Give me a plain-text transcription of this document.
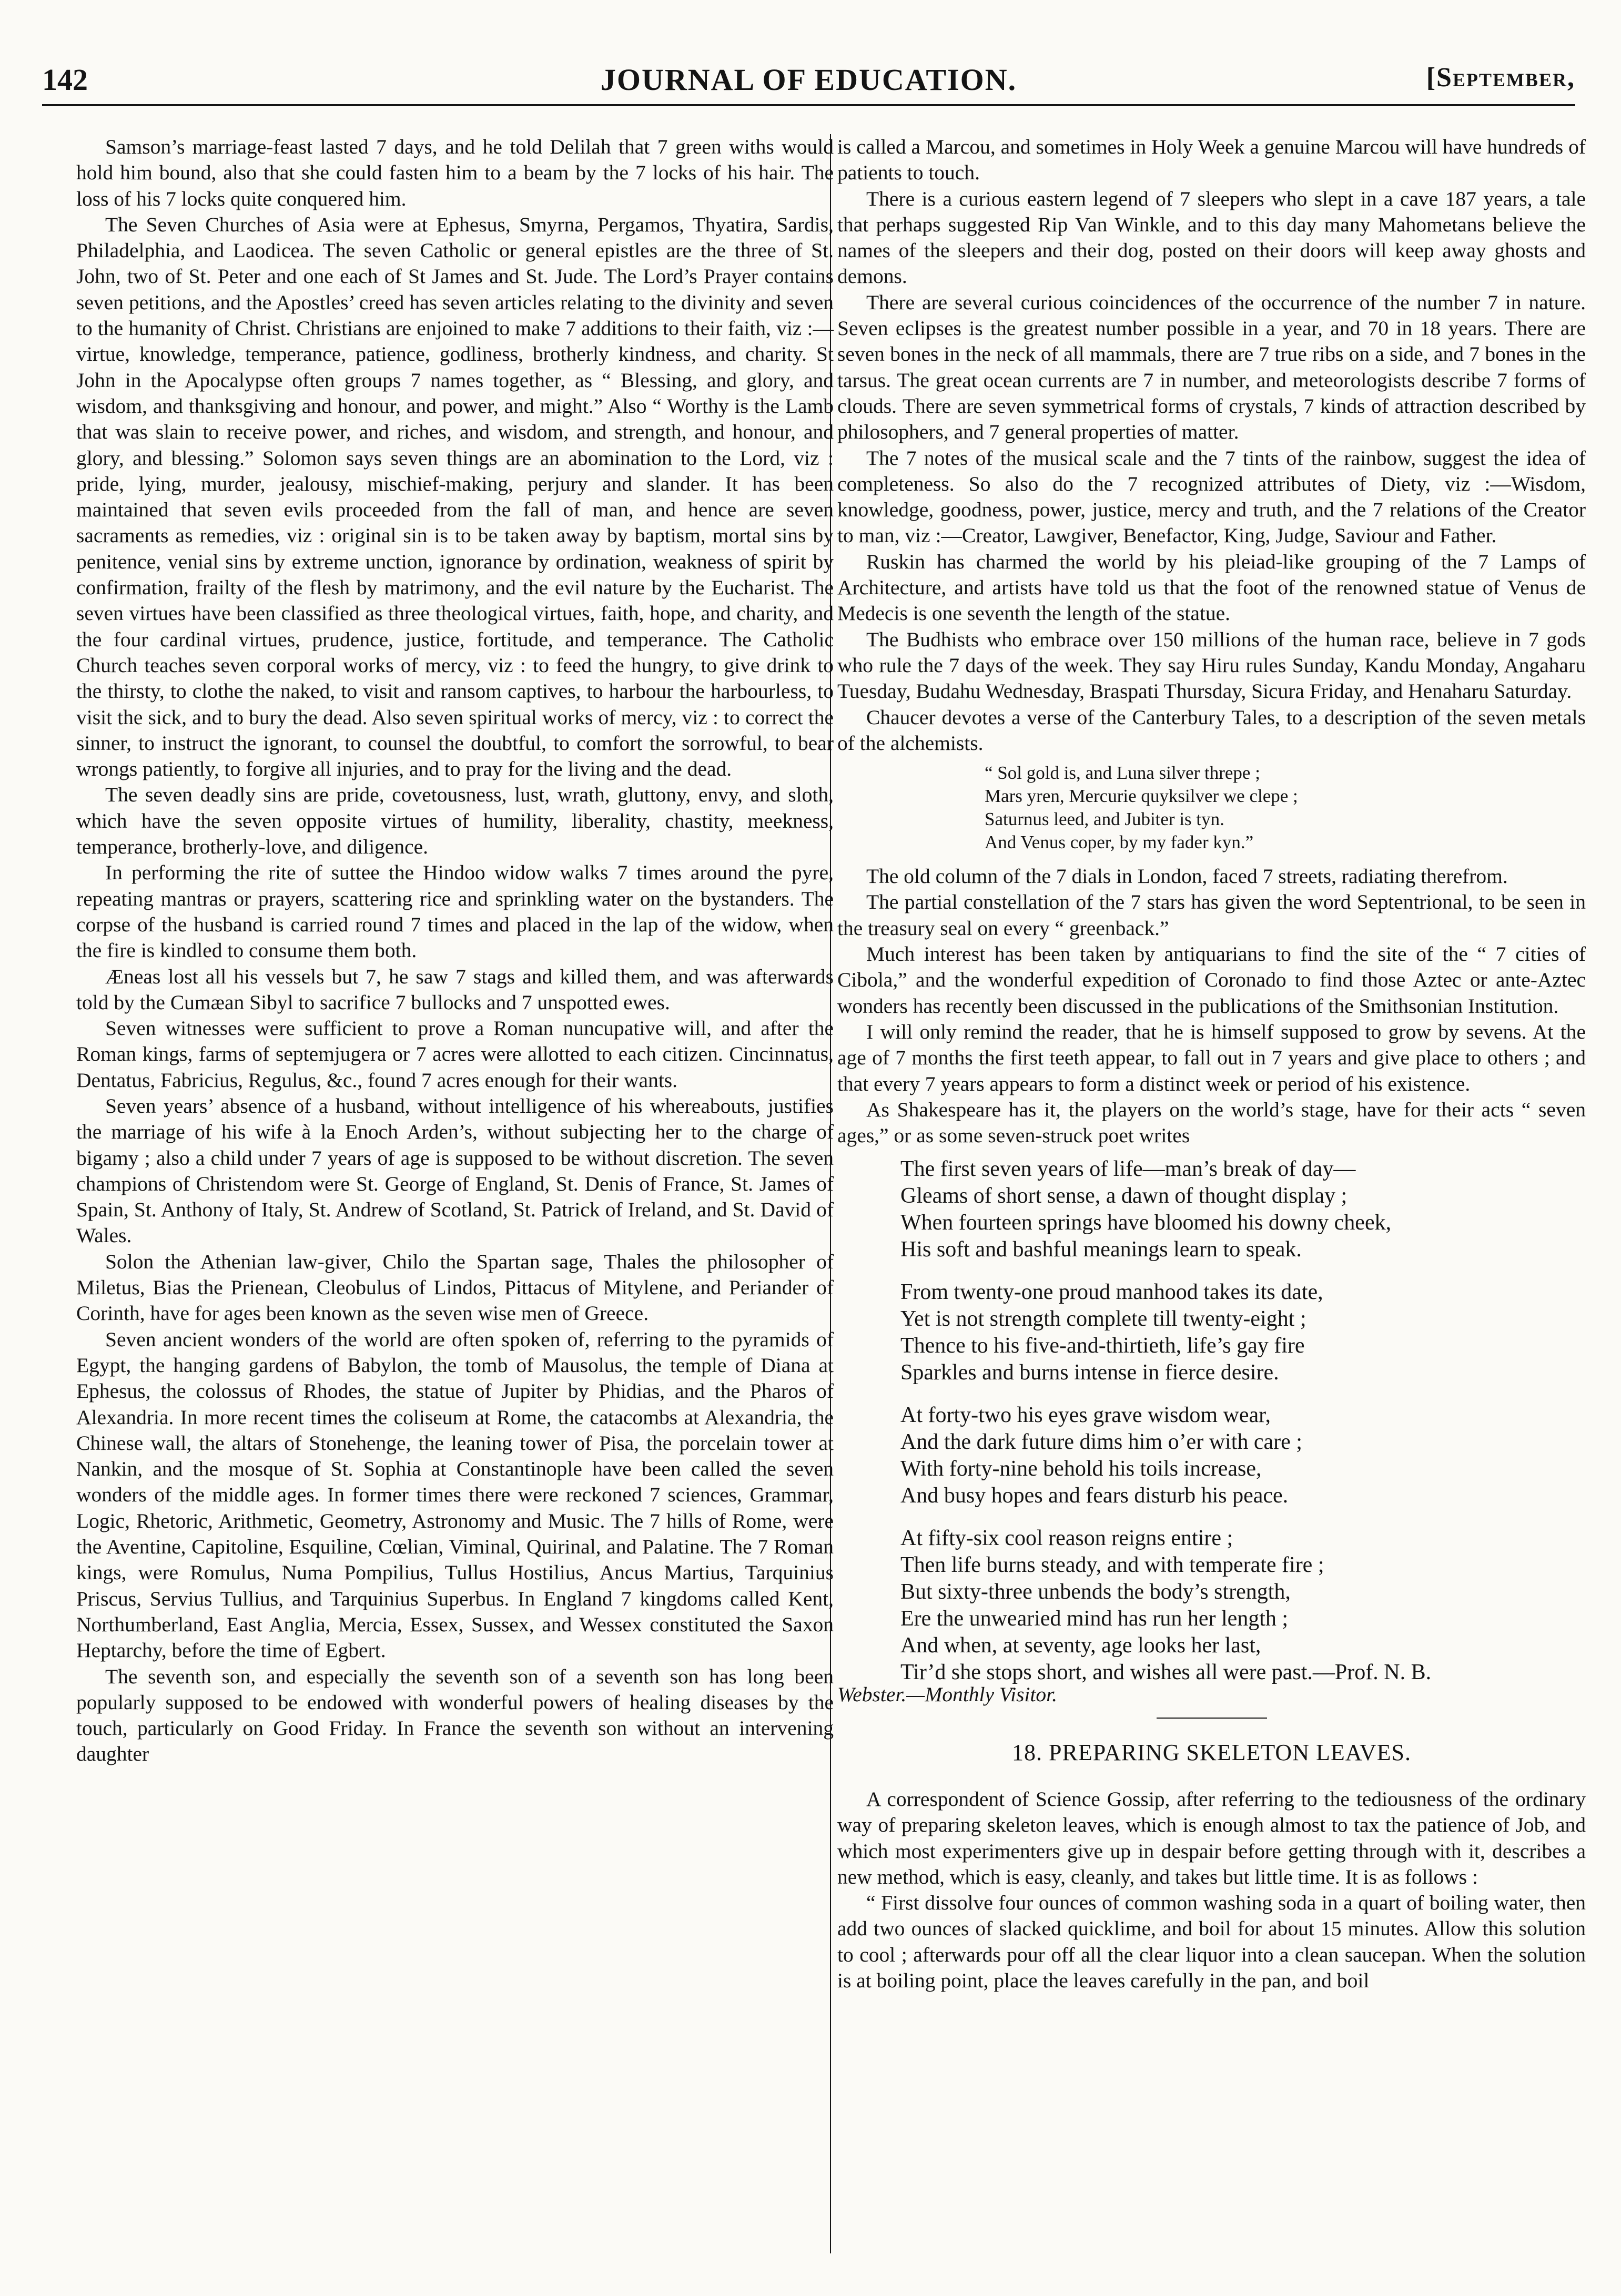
142	JOURNAL OF EDUCATION.	[September,

Samson’s marriage-feast lasted 7 days, and he told Delilah that 7 green withs would hold him bound, also that she could fasten him to a beam by the 7 locks of his hair. The loss of his 7 locks quite conquered him.

The Seven Churches of Asia were at Ephesus, Smyrna, Pergamos, Thyatira, Sardis, Philadelphia, and Laodicea. The seven Catholic or general epistles are the three of St. John, two of St. Peter and one each of St James and St. Jude. The Lord’s Prayer contains seven petitions, and the Apostles’ creed has seven articles relating to the divinity and seven to the humanity of Christ. Christians are enjoined to make 7 additions to their faith, viz :—virtue, knowledge, temperance, patience, godliness, brotherly kindness, and charity. St John in the Apocalypse often groups 7 names together, as “ Blessing, and glory, and wisdom, and thanksgiving and honour, and power, and might.” Also “ Worthy is the Lamb that was slain to receive power, and riches, and wisdom, and strength, and honour, and glory, and blessing.” Solomon says seven things are an abomination to the Lord, viz : pride, lying, murder, jealousy, mischief-making, perjury and slander. It has been maintained that seven evils proceeded from the fall of man, and hence are seven sacraments as remedies, viz : original sin is to be taken away by baptism, mortal sins by penitence, venial sins by extreme unction, ignorance by ordination, weakness of spirit by confirmation, frailty of the flesh by matrimony, and the evil nature by the Eucharist. The seven virtues have been classified as three theological virtues, faith, hope, and charity, and the four cardinal virtues, prudence, justice, fortitude, and temperance. The Catholic Church teaches seven corporal works of mercy, viz : to feed the hungry, to give drink to the thirsty, to clothe the naked, to visit and ransom captives, to harbour the harbourless, to visit the sick, and to bury the dead. Also seven spiritual works of mercy, viz : to correct the sinner, to instruct the ignorant, to counsel the doubtful, to comfort the sorrowful, to bear wrongs patiently, to forgive all injuries, and to pray for the living and the dead.

The seven deadly sins are pride, covetousness, lust, wrath, gluttony, envy, and sloth, which have the seven opposite virtues of humility, liberality, chastity, meekness, temperance, brotherly-love, and diligence.

In performing the rite of suttee the Hindoo widow walks 7 times around the pyre, repeating mantras or prayers, scattering rice and sprinkling water on the bystanders. The corpse of the husband is carried round 7 times and placed in the lap of the widow, when the fire is kindled to consume them both.

Æneas lost all his vessels but 7, he saw 7 stags and killed them, and was afterwards told by the Cumæan Sibyl to sacrifice 7 bullocks and 7 unspotted ewes.

Seven witnesses were sufficient to prove a Roman nuncupative will, and after the Roman kings, farms of septemjugera or 7 acres were allotted to each citizen. Cincinnatus, Dentatus, Fabricius, Regulus, &c., found 7 acres enough for their wants.

Seven years’ absence of a husband, without intelligence of his whereabouts, justifies the marriage of his wife à la Enoch Arden’s, without subjecting her to the charge of bigamy ; also a child under 7 years of age is supposed to be without discretion. The seven champions of Christendom were St. George of England, St. Denis of France, St. James of Spain, St. Anthony of Italy, St. Andrew of Scotland, St. Patrick of Ireland, and St. David of Wales.

Solon the Athenian law-giver, Chilo the Spartan sage, Thales the philosopher of Miletus, Bias the Prienean, Cleobulus of Lindos, Pittacus of Mitylene, and Periander of Corinth, have for ages been known as the seven wise men of Greece.

Seven ancient wonders of the world are often spoken of, referring to the pyramids of Egypt, the hanging gardens of Babylon, the tomb of Mausolus, the temple of Diana at Ephesus, the colossus of Rhodes, the statue of Jupiter by Phidias, and the Pharos of Alexandria. In more recent times the coliseum at Rome, the catacombs at Alexandria, the Chinese wall, the altars of Stonehenge, the leaning tower of Pisa, the porcelain tower at Nankin, and the mosque of St. Sophia at Constantinople have been called the seven wonders of the middle ages. In former times there were reckoned 7 sciences, Grammar, Logic, Rhetoric, Arithmetic, Geometry, Astronomy and Music. The 7 hills of Rome, were the Aventine, Capitoline, Esquiline, Cœlian, Viminal, Quirinal, and Palatine. The 7 Roman kings, were Romulus, Numa Pompilius, Tullus Hostilius, Ancus Martius, Tarquinius Priscus, Servius Tullius, and Tarquinius Superbus. In England 7 kingdoms called Kent, Northumberland, East Anglia, Mercia, Essex, Sussex, and Wessex constituted the Saxon Heptarchy, before the time of Egbert.

The seventh son, and especially the seventh son of a seventh son has long been popularly supposed to be endowed with wonderful powers of healing diseases by the touch, particularly on Good Friday. In France the seventh son without an intervening daughter

is called a Marcou, and sometimes in Holy Week a genuine Marcou will have hundreds of patients to touch.

There is a curious eastern legend of 7 sleepers who slept in a cave 187 years, a tale that perhaps suggested Rip Van Winkle, and to this day many Mahometans believe the names of the sleepers and their dog, posted on their doors will keep away ghosts and demons.

There are several curious coincidences of the occurrence of the number 7 in nature. Seven eclipses is the greatest number possible in a year, and 70 in 18 years. There are seven bones in the neck of all mammals, there are 7 true ribs on a side, and 7 bones in the tarsus. The great ocean currents are 7 in number, and meteorologists describe 7 forms of clouds. There are seven symmetrical forms of crystals, 7 kinds of attraction described by philosophers, and 7 general properties of matter.

The 7 notes of the musical scale and the 7 tints of the rainbow, suggest the idea of completeness. So also do the 7 recognized attributes of Diety, viz :—Wisdom, knowledge, goodness, power, justice, mercy and truth, and the 7 relations of the Creator to man, viz :—Creator, Lawgiver, Benefactor, King, Judge, Saviour and Father.

Ruskin has charmed the world by his pleiad-like grouping of the 7 Lamps of Architecture, and artists have told us that the foot of the renowned statue of Venus de Medecis is one seventh the length of the statue.

The Budhists who embrace over 150 millions of the human race, believe in 7 gods who rule the 7 days of the week. They say Hiru rules Sunday, Kandu Monday, Angaharu Tuesday, Budahu Wednesday, Braspati Thursday, Sicura Friday, and Henaharu Saturday.

Chaucer devotes a verse of the Canterbury Tales, to a description of the seven metals of the alchemists.

“ Sol gold is, and Luna silver threpe ;
Mars yren, Mercurie quyksilver we clepe ;
Saturnus leed, and Jubiter is tyn.
And Venus coper, by my fader kyn.”

The old column of the 7 dials in London, faced 7 streets, radiating therefrom.

The partial constellation of the 7 stars has given the word Septentrional, to be seen in the treasury seal on every “ greenback.”

Much interest has been taken by antiquarians to find the site of the “ 7 cities of Cibola,” and the wonderful expedition of Coronado to find those Aztec or ante-Aztec wonders has recently been discussed in the publications of the Smithsonian Institution.

I will only remind the reader, that he is himself supposed to grow by sevens. At the age of 7 months the first teeth appear, to fall out in 7 years and give place to others ; and that every 7 years appears to form a distinct week or period of his existence.

As Shakespeare has it, the players on the world’s stage, have for their acts “ seven ages,” or as some seven-struck poet writes

The first seven years of life—man’s break of day—
Gleams of short sense, a dawn of thought display ;
When fourteen springs have bloomed his downy cheek,
His soft and bashful meanings learn to speak.
From twenty-one proud manhood takes its date,
Yet is not strength complete till twenty-eight ;
Thence to his five-and-thirtieth, life’s gay fire
Sparkles and burns intense in fierce desire.
At forty-two his eyes grave wisdom wear,
And the dark future dims him o’er with care ;
With forty-nine behold his toils increase,
And busy hopes and fears disturb his peace.
At fifty-six cool reason reigns entire ;
Then life burns steady, and with temperate fire ;
But sixty-three unbends the body’s strength,
Ere the unwearied mind has run her length ;
And when, at seventy, age looks her last,
Tir’d she stops short, and wishes all were past.—Prof. N. B.

Webster.—Monthly Visitor.

18. PREPARING SKELETON LEAVES.

A correspondent of Science Gossip, after referring to the tediousness of the ordinary way of preparing skeleton leaves, which is enough almost to tax the patience of Job, and which most experimenters give up in despair before getting through with it, describes a new method, which is easy, cleanly, and takes but little time. It is as follows :

“ First dissolve four ounces of common washing soda in a quart of boiling water, then add two ounces of slacked quicklime, and boil for about 15 minutes. Allow this solution to cool ; afterwards pour off all the clear liquor into a clean saucepan. When the solution is at boiling point, place the leaves carefully in the pan, and boil
